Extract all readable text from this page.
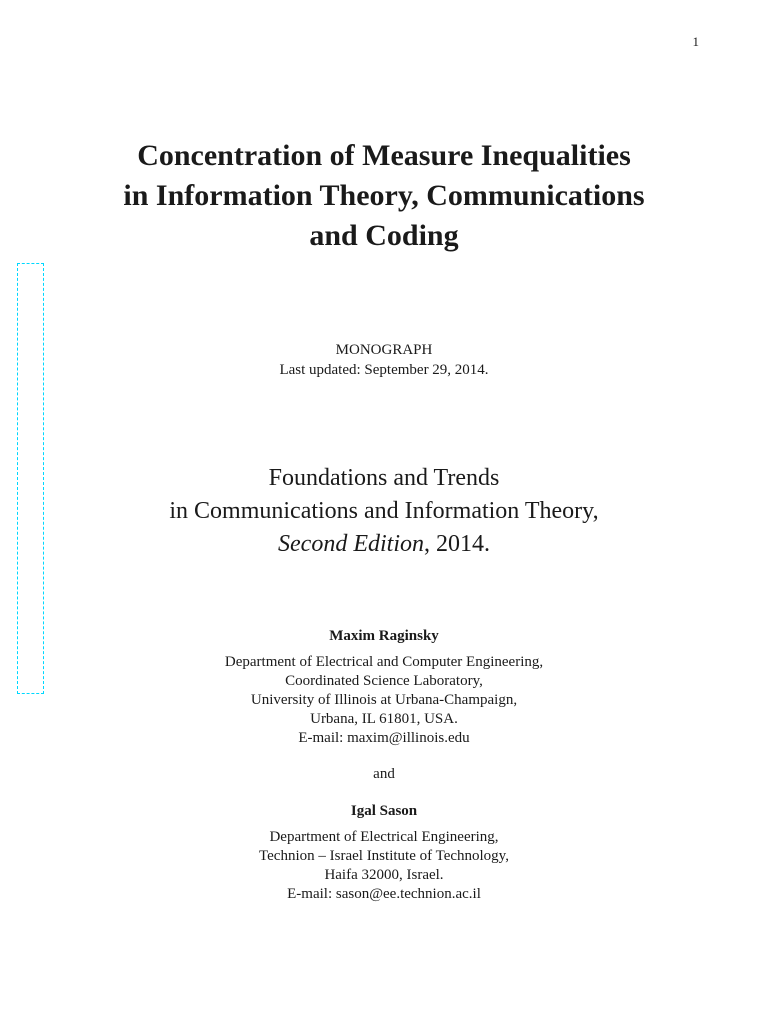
1
Concentration of Measure Inequalities
in Information Theory, Communications
and Coding
MONOGRAPH
Last updated: September 29, 2014.
Foundations and Trends
in Communications and Information Theory,
Second Edition, 2014.
Maxim Raginsky
Department of Electrical and Computer Engineering,
Coordinated Science Laboratory,
University of Illinois at Urbana-Champaign,
Urbana, IL 61801, USA.
E-mail: maxim@illinois.edu
and
Igal Sason
Department of Electrical Engineering,
Technion – Israel Institute of Technology,
Haifa 32000, Israel.
E-mail: sason@ee.technion.ac.il
